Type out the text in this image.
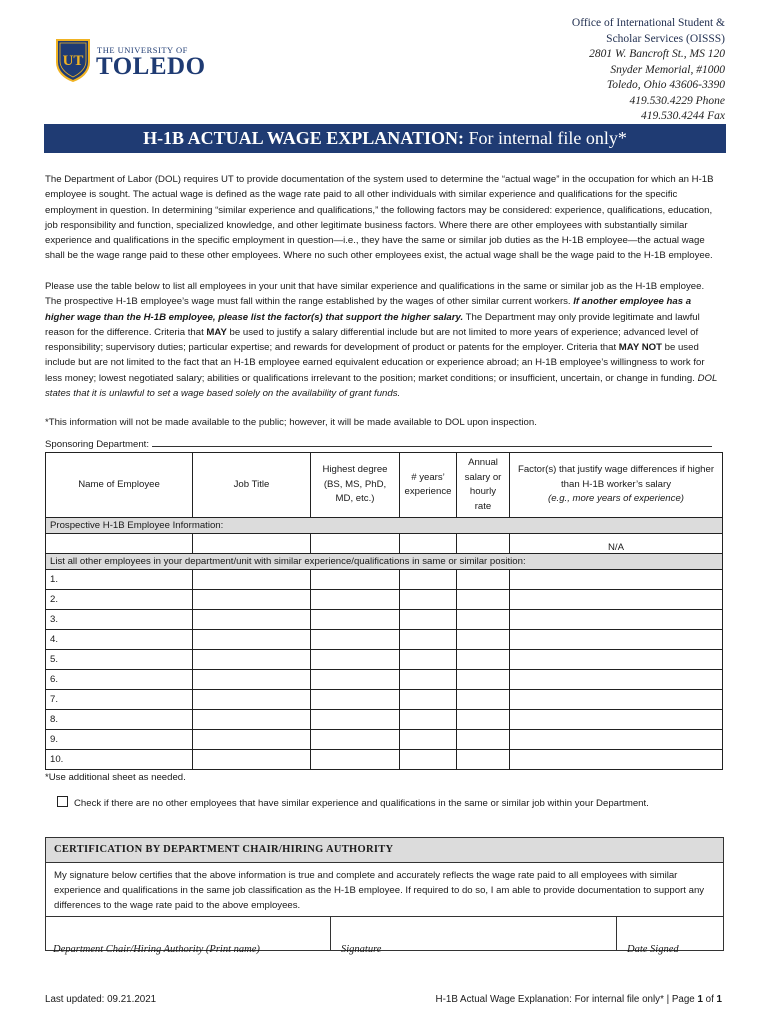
UT
THE UNIVERSITY OF
TOLEDO
Office of International Student &
Scholar Services (OISSS)
2801 W. Bancroft St., MS 120
Snyder Memorial, #1000
Toledo, Ohio 43606-3390
419.530.4229 Phone
419.530.4244 Fax
H-1B ACTUAL WAGE EXPLANATION: For internal file only*
The Department of Labor (DOL) requires UT to provide documentation of the system used to determine the “actual wage” in the occupation for which an H-1B employee is sought. The actual wage is defined as the wage rate paid to all other individuals with similar experience and qualifications for the specific employment in question. In determining “similar experience and qualifications,” the following factors may be considered: experience, qualifications, education, job responsibility and function, specialized knowledge, and other legitimate business factors. Where there are other employees with substantially similar experience and qualifications in the specific employment in question—i.e., they have the same or similar job duties as the H-1B employee—the actual wage shall be the wage range paid to these other employees. Where no such other employees exist, the actual wage shall be the wage paid to the H-1B employee.
Please use the table below to list all employees in your unit that have similar experience and qualifications in the same or similar job as the H-1B employee. The prospective H-1B employee’s wage must fall within the range established by the wages of other similar current workers. If another employee has a higher wage than the H-1B employee, please list the factor(s) that support the higher salary. The Department may only provide legitimate and lawful reason for the difference. Criteria that MAY be used to justify a salary differential include but are not limited to more years of experience; advanced level of responsibility; supervisory duties; particular expertise; and rewards for development of product or patents for the employer. Criteria that MAY NOT be used include but are not limited to the fact that an H-1B employee earned equivalent education or experience abroad; an H-1B employee’s willingness to work for less money; lowest negotiated salary; abilities or qualifications irrelevant to the position; market conditions; or insufficient, uncertain, or change in funding. DOL states that it is unlawful to set a wage based solely on the availability of grant funds.
*This information will not be made available to the public; however, it will be made available to DOL upon inspection.
Sponsoring Department:
Name of Employee	Job Title	Highest degree (BS, MS, PhD, MD, etc.)	# years’ experience	Annual salary or hourly rate	Factor(s) that justify wage differences if higher than H-1B worker’s salary
(e.g., more years of experience)
Prospective H-1B Employee Information:					
					N/A
List all other employees in your department/unit with similar experience/qualifications in same or similar position:					
1.					
2.					
3.					
4.					
5.					
6.					
7.					
8.					
9.					
10.					
*Use additional sheet as needed.
Check if there are no other employees that have similar experience and qualifications in the same or similar job within your Department.
CERTIFICATION BY DEPARTMENT CHAIR/HIRING AUTHORITY
My signature below certifies that the above information is true and complete and accurately reflects the wage rate paid to all employees with similar experience and qualifications in the same job classification as the H-1B employee. If required to do so, I am able to provide documentation to support any differences to the wage rate paid to the above employees.
Department Chair/Hiring Authority (Print name)	Signature	Date Signed
Last updated: 09.21.2021	H-1B Actual Wage Explanation: For internal file only* | Page 1 of 1
